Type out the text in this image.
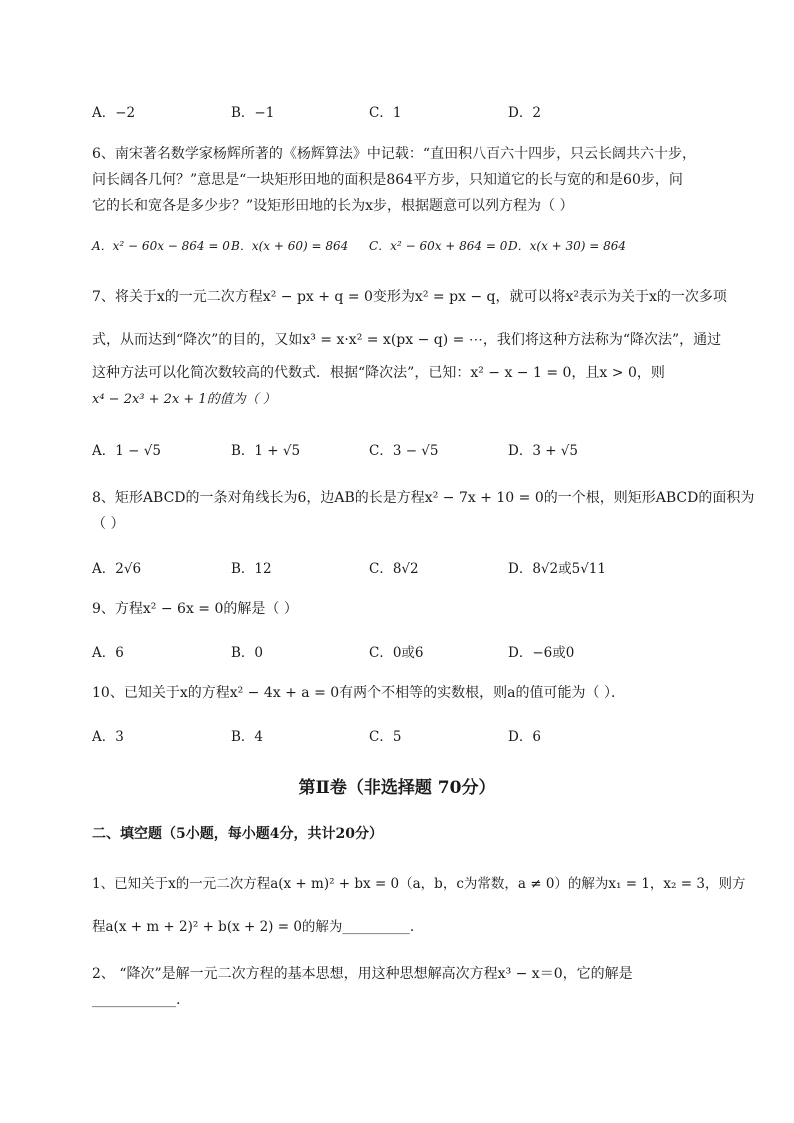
A．−2	B．−1	C．1	D．2
6、南宋著名数学家杨辉所著的《杨辉算法》中记载：“直田积八百六十四步，只云长阔共六十步，
问长阔各几何？”意思是“一块矩形田地的面积是864平方步，只知道它的长与宽的和是60步，问
它的长和宽各是多少步？”设矩形田地的长为x步，根据题意可以列方程为（ ）
A．x² − 60x − 864 = 0 B．x(x + 60) = 864 C．x² − 60x + 864 = 0 D．x(x + 30) = 864
7、将关于x的一元二次方程x² − px + q = 0变形为x² = px − q，就可以将x²表示为关于x的一次多项
式，从而达到“降次”的目的，又如x³ = x·x² = x(px − q) = ⋯，我们将这种方法称为“降次法”，通过
这种方法可以化简次数较高的代数式．根据“降次法”，已知：x² − x − 1 = 0，且x > 0，则
x⁴ − 2x³ + 2x + 1的值为（ ）
A．1 − √5	B．1 + √5	C．3 − √5	D．3 + √5
8、矩形ABCD的一条对角线长为6，边AB的长是方程x² − 7x + 10 = 0的一个根，则矩形ABCD的面积为
（ ）
A．2√6	B．12	C．8√2	D．8√2或5√11
9、方程x² − 6x = 0的解是（ ）
A．6	B．0	C．0或6	D．−6或0
10、已知关于x的方程x² − 4x + a = 0有两个不相等的实数根，则a的值可能为（ ）．
A．3	B．4	C．5	D．6
第Ⅱ卷（非选择题 70分）
二、填空题（5小题，每小题4分，共计20分）
1、已知关于x的一元二次方程a(x + m)² + bx = 0（a，b，c为常数，a ≠ 0）的解为x₁ = 1，x₂ = 3，则方
程a(x + m + 2)² + b(x + 2) = 0的解为__________.
2、 “降次”是解一元二次方程的基本思想，用这种思想解高次方程x³ − x＝0，它的解是
____________.
